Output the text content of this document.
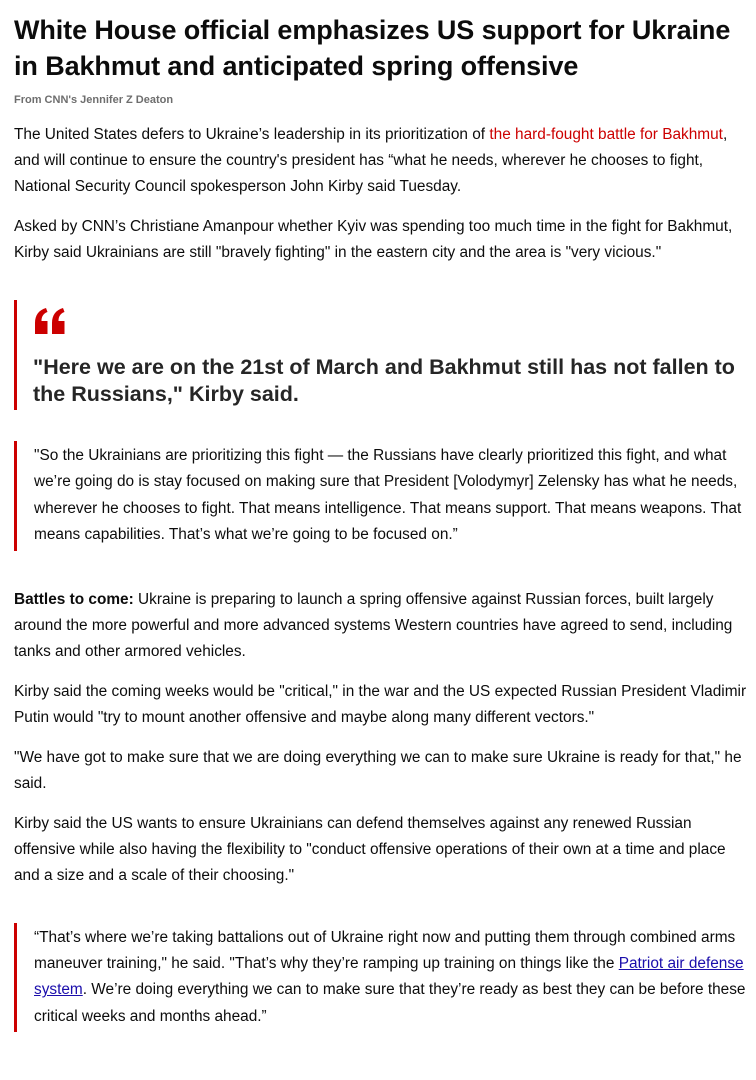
White House official emphasizes US support for Ukraine in Bakhmut and anticipated spring offensive

From CNN's Jennifer Z Deaton

The United States defers to Ukraine’s leadership in its prioritization of the hard-fought battle for Bakhmut, and will continue to ensure the country's president has “what he needs, wherever he chooses to fight, National Security Council spokesperson John Kirby said Tuesday.

Asked by CNN’s Christiane Amanpour whether Kyiv was spending too much time in the fight for Bakhmut, Kirby said Ukrainians are still "bravely fighting" in the eastern city and the area is "very vicious."

"Here we are on the 21st of March and Bakhmut still has not fallen to the Russians," Kirby said.

"So the Ukrainians are prioritizing this fight — the Russians have clearly prioritized this fight, and what we’re going do is stay focused on making sure that President [Volodymyr] Zelensky has what he needs, wherever he chooses to fight. That means intelligence. That means support. That means weapons. That means capabilities. That’s what we’re going to be focused on.”

Battles to come: Ukraine is preparing to launch a spring offensive against Russian forces, built largely around the more powerful and more advanced systems Western countries have agreed to send, including tanks and other armored vehicles.

Kirby said the coming weeks would be "critical," in the war and the US expected Russian President Vladimir Putin would "try to mount another offensive and maybe along many different vectors."

"We have got to make sure that we are doing everything we can to make sure Ukraine is ready for that," he said.

Kirby said the US wants to ensure Ukrainians can defend themselves against any renewed Russian offensive while also having the flexibility to "conduct offensive operations of their own at a time and place and a size and a scale of their choosing."

“That’s where we’re taking battalions out of Ukraine right now and putting them through combined arms maneuver training," he said. "That’s why they’re ramping up training on things like the Patriot air defense system. We’re doing everything we can to make sure that they’re ready as best they can be before these critical weeks and months ahead.”
